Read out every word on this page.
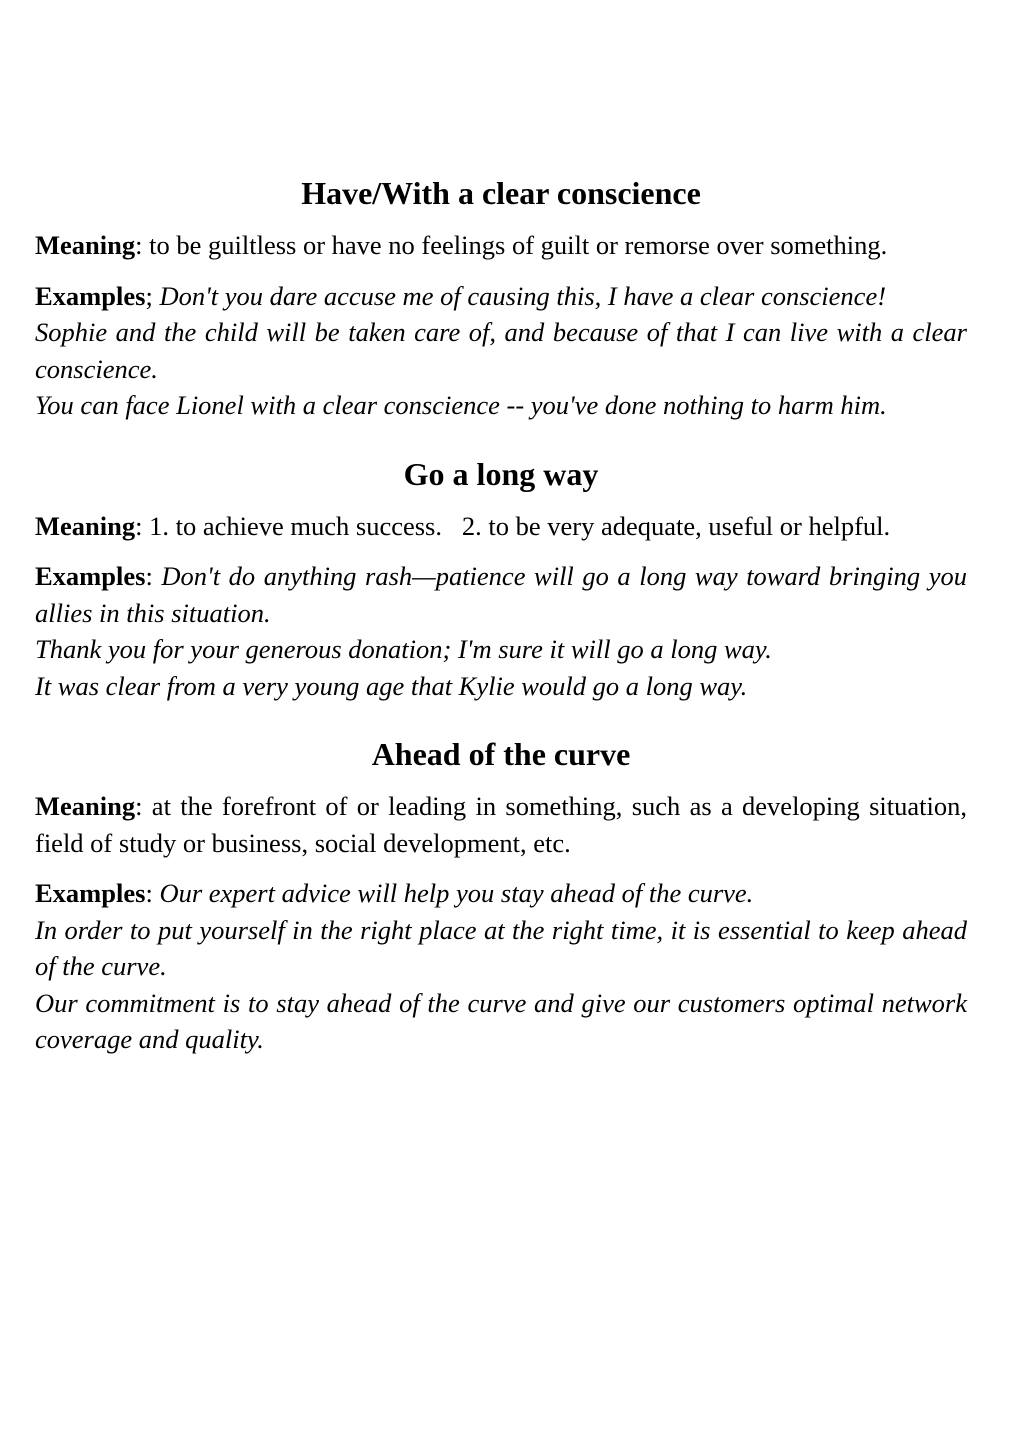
Have/With a clear conscience

Meaning: to be guiltless or have no feelings of guilt or remorse over something.

Examples; Don't you dare accuse me of causing this, I have a clear conscience!
Sophie and the child will be taken care of, and because of that I can live with a clear conscience.
You can face Lionel with a clear conscience -- you've done nothing to harm him.

Go a long way

Meaning: 1. to achieve much success.   2. to be very adequate, useful or helpful.

Examples: Don't do anything rash—patience will go a long way toward bringing you allies in this situation.
Thank you for your generous donation; I'm sure it will go a long way.
It was clear from a very young age that Kylie would go a long way.

Ahead of the curve

Meaning: at the forefront of or leading in something, such as a developing situation, field of study or business, social development, etc.

Examples: Our expert advice will help you stay ahead of the curve.
In order to put yourself in the right place at the right time, it is essential to keep ahead of the curve.
Our commitment is to stay ahead of the curve and give our customers optimal network coverage and quality.
